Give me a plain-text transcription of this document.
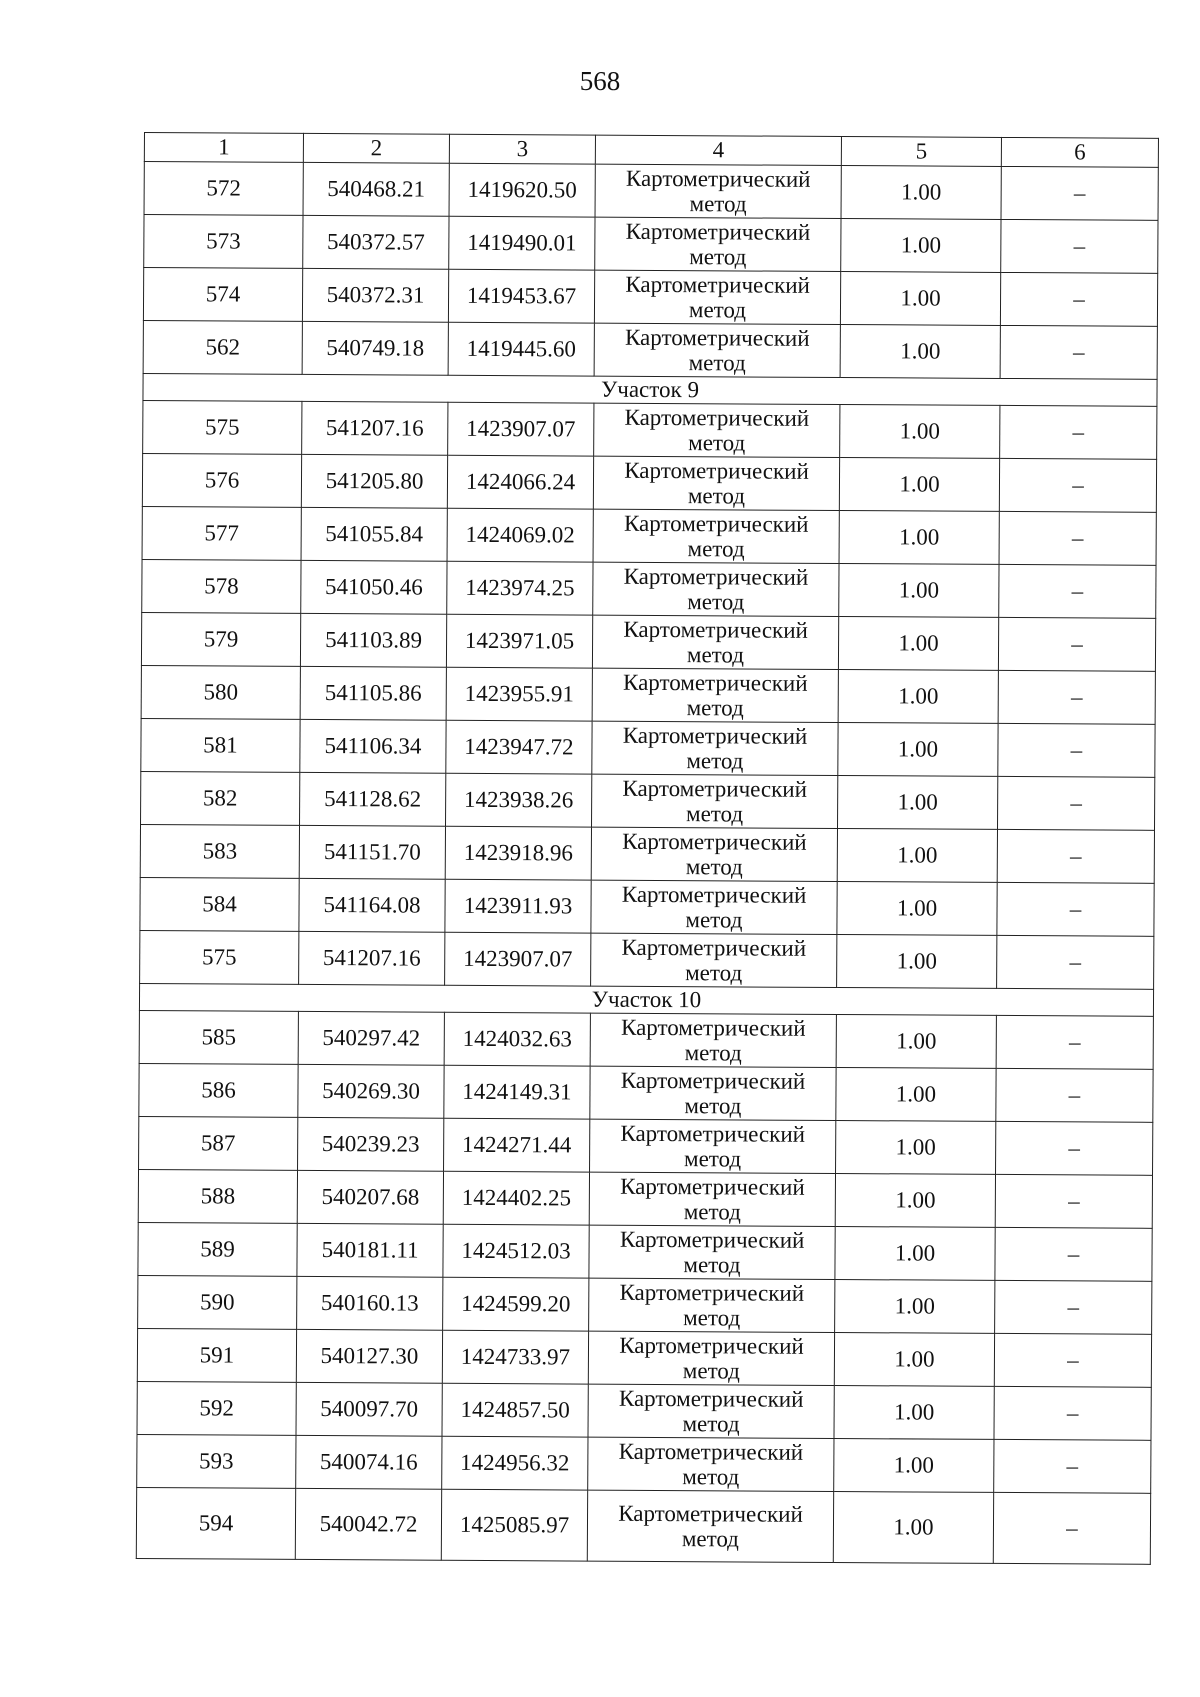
568
1	2	3	4	5	6
572	540468.21	1419620.50	Картометрический метод	1.00	–
573	540372.57	1419490.01	Картометрический метод	1.00	–
574	540372.31	1419453.67	Картометрический метод	1.00	–
562	540749.18	1419445.60	Картометрический метод	1.00	–
Участок 9					
575	541207.16	1423907.07	Картометрический метод	1.00	–
576	541205.80	1424066.24	Картометрический метод	1.00	–
577	541055.84	1424069.02	Картометрический метод	1.00	–
578	541050.46	1423974.25	Картометрический метод	1.00	–
579	541103.89	1423971.05	Картометрический метод	1.00	–
580	541105.86	1423955.91	Картометрический метод	1.00	–
581	541106.34	1423947.72	Картометрический метод	1.00	–
582	541128.62	1423938.26	Картометрический метод	1.00	–
583	541151.70	1423918.96	Картометрический метод	1.00	–
584	541164.08	1423911.93	Картометрический метод	1.00	–
575	541207.16	1423907.07	Картометрический метод	1.00	–
Участок 10					
585	540297.42	1424032.63	Картометрический метод	1.00	–
586	540269.30	1424149.31	Картометрический метод	1.00	–
587	540239.23	1424271.44	Картометрический метод	1.00	–
588	540207.68	1424402.25	Картометрический метод	1.00	–
589	540181.11	1424512.03	Картометрический метод	1.00	–
590	540160.13	1424599.20	Картометрический метод	1.00	–
591	540127.30	1424733.97	Картометрический метод	1.00	–
592	540097.70	1424857.50	Картометрический метод	1.00	–
593	540074.16	1424956.32	Картометрический метод	1.00	–
594	540042.72	1425085.97	Картометрический метод	1.00	–
